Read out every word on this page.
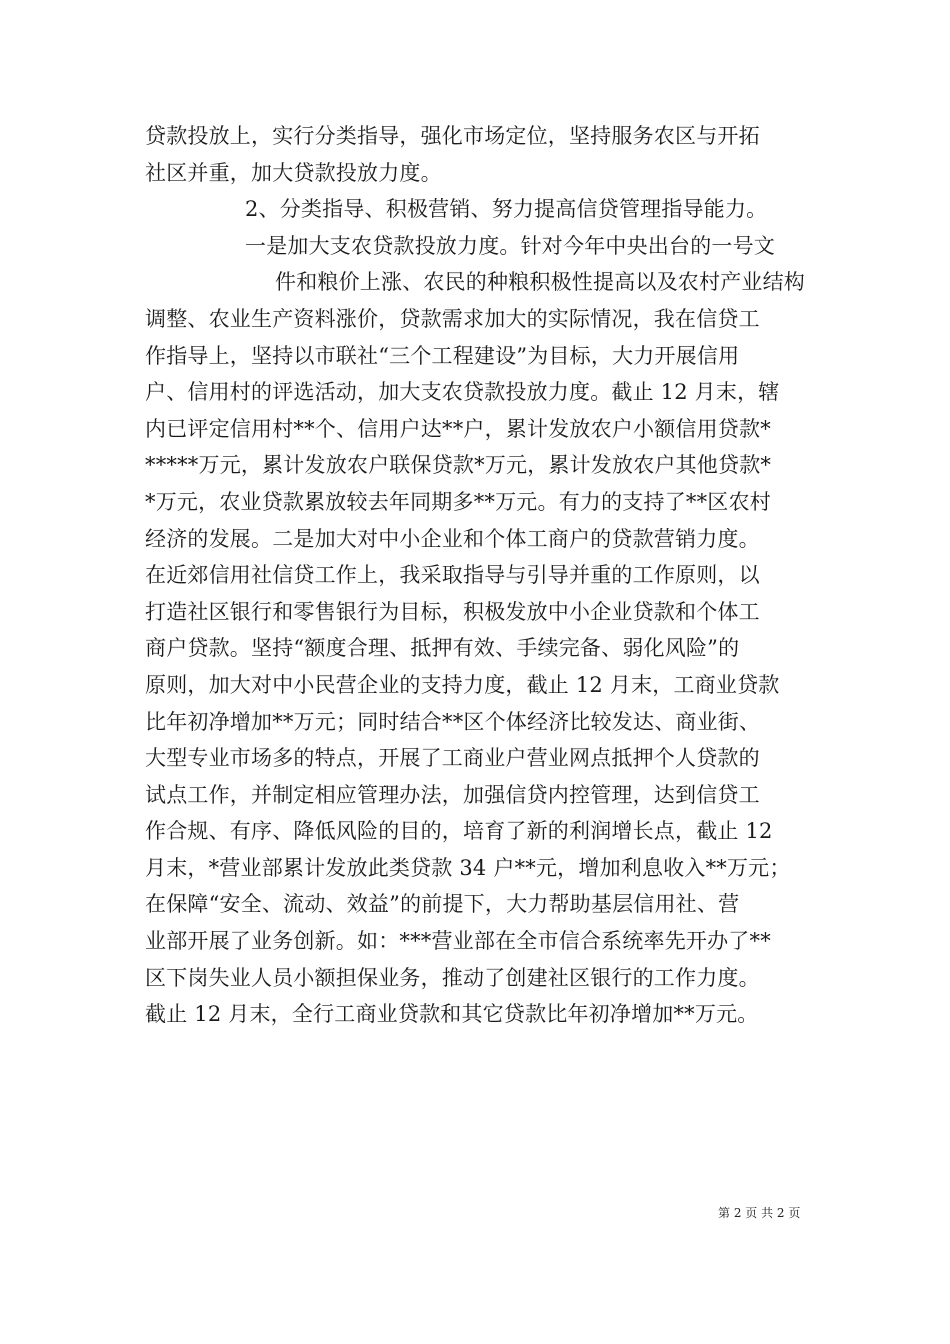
贷款投放上，实行分类指导，强化市场定位，坚持服务农区与开拓
社区并重，加大贷款投放力度。
2、分类指导、积极营销、努力提高信贷管理指导能力。
一是加大支农贷款投放力度。针对今年中央出台的一号文
件和粮价上涨、农民的种粮积极性提高以及农村产业结构
调整、农业生产资料涨价，贷款需求加大的实际情况，我在信贷工
作指导上，坚持以市联社“三个工程建设”为目标，大力开展信用
户、信用村的评选活动，加大支农贷款投放力度。截止 12 月末，辖
内已评定信用村**个、信用户达**户，累计发放农户小额信用贷款*
*****万元，累计发放农户联保贷款*万元，累计发放农户其他贷款*
*万元，农业贷款累放较去年同期多**万元。有力的支持了**区农村
经济的发展。二是加大对中小企业和个体工商户的贷款营销力度。
在近郊信用社信贷工作上，我采取指导与引导并重的工作原则，以
打造社区银行和零售银行为目标，积极发放中小企业贷款和个体工
商户贷款。坚持“额度合理、抵押有效、手续完备、弱化风险”的
原则，加大对中小民营企业的支持力度，截止 12 月末，工商业贷款
比年初净增加**万元；同时结合**区个体经济比较发达、商业街、
大型专业市场多的特点，开展了工商业户营业网点抵押个人贷款的
试点工作，并制定相应管理办法，加强信贷内控管理，达到信贷工
作合规、有序、降低风险的目的，培育了新的利润增长点，截止 12
月末，*营业部累计发放此类贷款 34 户**元，增加利息收入**万元；
在保障“安全、流动、效益”的前提下，大力帮助基层信用社、营
业部开展了业务创新。如：***营业部在全市信合系统率先开办了**
区下岗失业人员小额担保业务，推动了创建社区银行的工作力度。
截止 12 月末，全行工商业贷款和其它贷款比年初净增加**万元。
第 2 页 共 2 页
